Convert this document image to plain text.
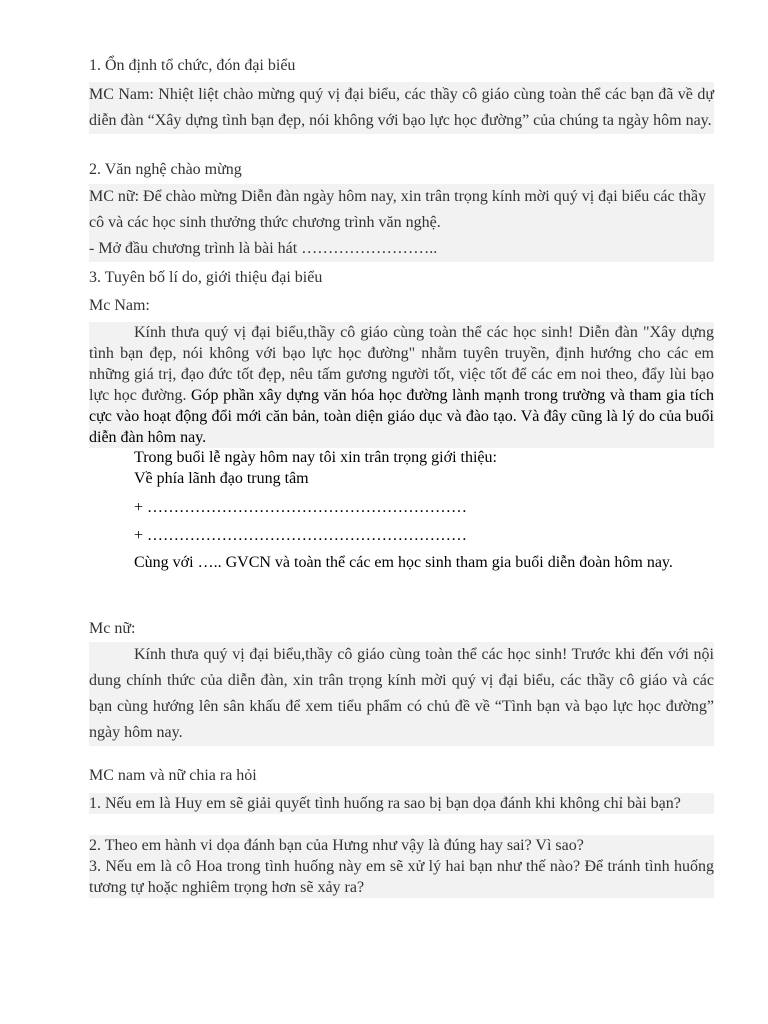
1. Ổn định tổ chức, đón đại biểu

MC Nam: Nhiệt liệt chào mừng quý vị đại biểu, các thầy cô giáo cùng toàn thể các bạn đã về dự diễn đàn “Xây dựng tình bạn đẹp, nói không với bạo lực học đường” của chúng ta ngày hôm nay.

2. Văn nghệ chào mừng

MC nữ: Để chào mừng Diễn đàn ngày hôm nay, xin trân trọng kính mời quý vị đại biểu các thầy cô và các học sinh thưởng thức chương trình văn nghệ.

- Mở đầu chương trình là bài hát ……………………..

3. Tuyên bố lí do, giới thiệu đại biểu

Mc Nam:

Kính thưa quý vị đại biểu,thầy cô giáo cùng toàn thể các học sinh! Diễn đàn "Xây dựng tình bạn đẹp, nói không với bạo lực học đường" nhằm tuyên truyền, định hướng cho các em những giá trị, đạo đức tốt đẹp, nêu tấm gương người tốt, việc tốt để các em noi theo, đẩy lùi bạo lực học đường. Góp phần xây dựng văn hóa học đường lành mạnh trong trường và tham gia tích cực vào hoạt động đổi mới căn bản, toàn diện giáo dục và đào tạo. Và đây cũng là lý do của buổi diễn đàn hôm nay.

Trong buổi lễ ngày hôm nay tôi xin trân trọng giới thiệu:

Về phía lãnh đạo trung tâm

+ ……………………………………………………

+ ……………………………………………………

Cùng với ….. GVCN và toàn thể các em học sinh tham gia buổi diễn đoàn hôm nay.

Mc nữ:

Kính thưa quý vị đại biểu,thầy cô giáo cùng toàn thể các học sinh! Trước khi đến với nội dung chính thức của diễn đàn, xin trân trọng kính mời quý vị đại biểu, các thầy cô giáo và các bạn cùng hướng lên sân khấu để xem tiểu phẩm có chủ đề về “Tình bạn và bạo lực học đường” ngày hôm nay.

MC nam và nữ chia ra hỏi

1. Nếu em là Huy em sẽ giải quyết tình huống ra sao bị bạn dọa đánh khi không chỉ bài bạn?

2. Theo em hành vi dọa đánh bạn của Hưng như vậy là đúng hay sai? Vì sao?

3. Nếu em là cô Hoa trong tình huống này em sẽ xử lý hai bạn như thế nào? Để tránh tình huống tương tự hoặc nghiêm trọng hơn sẽ xảy ra?
